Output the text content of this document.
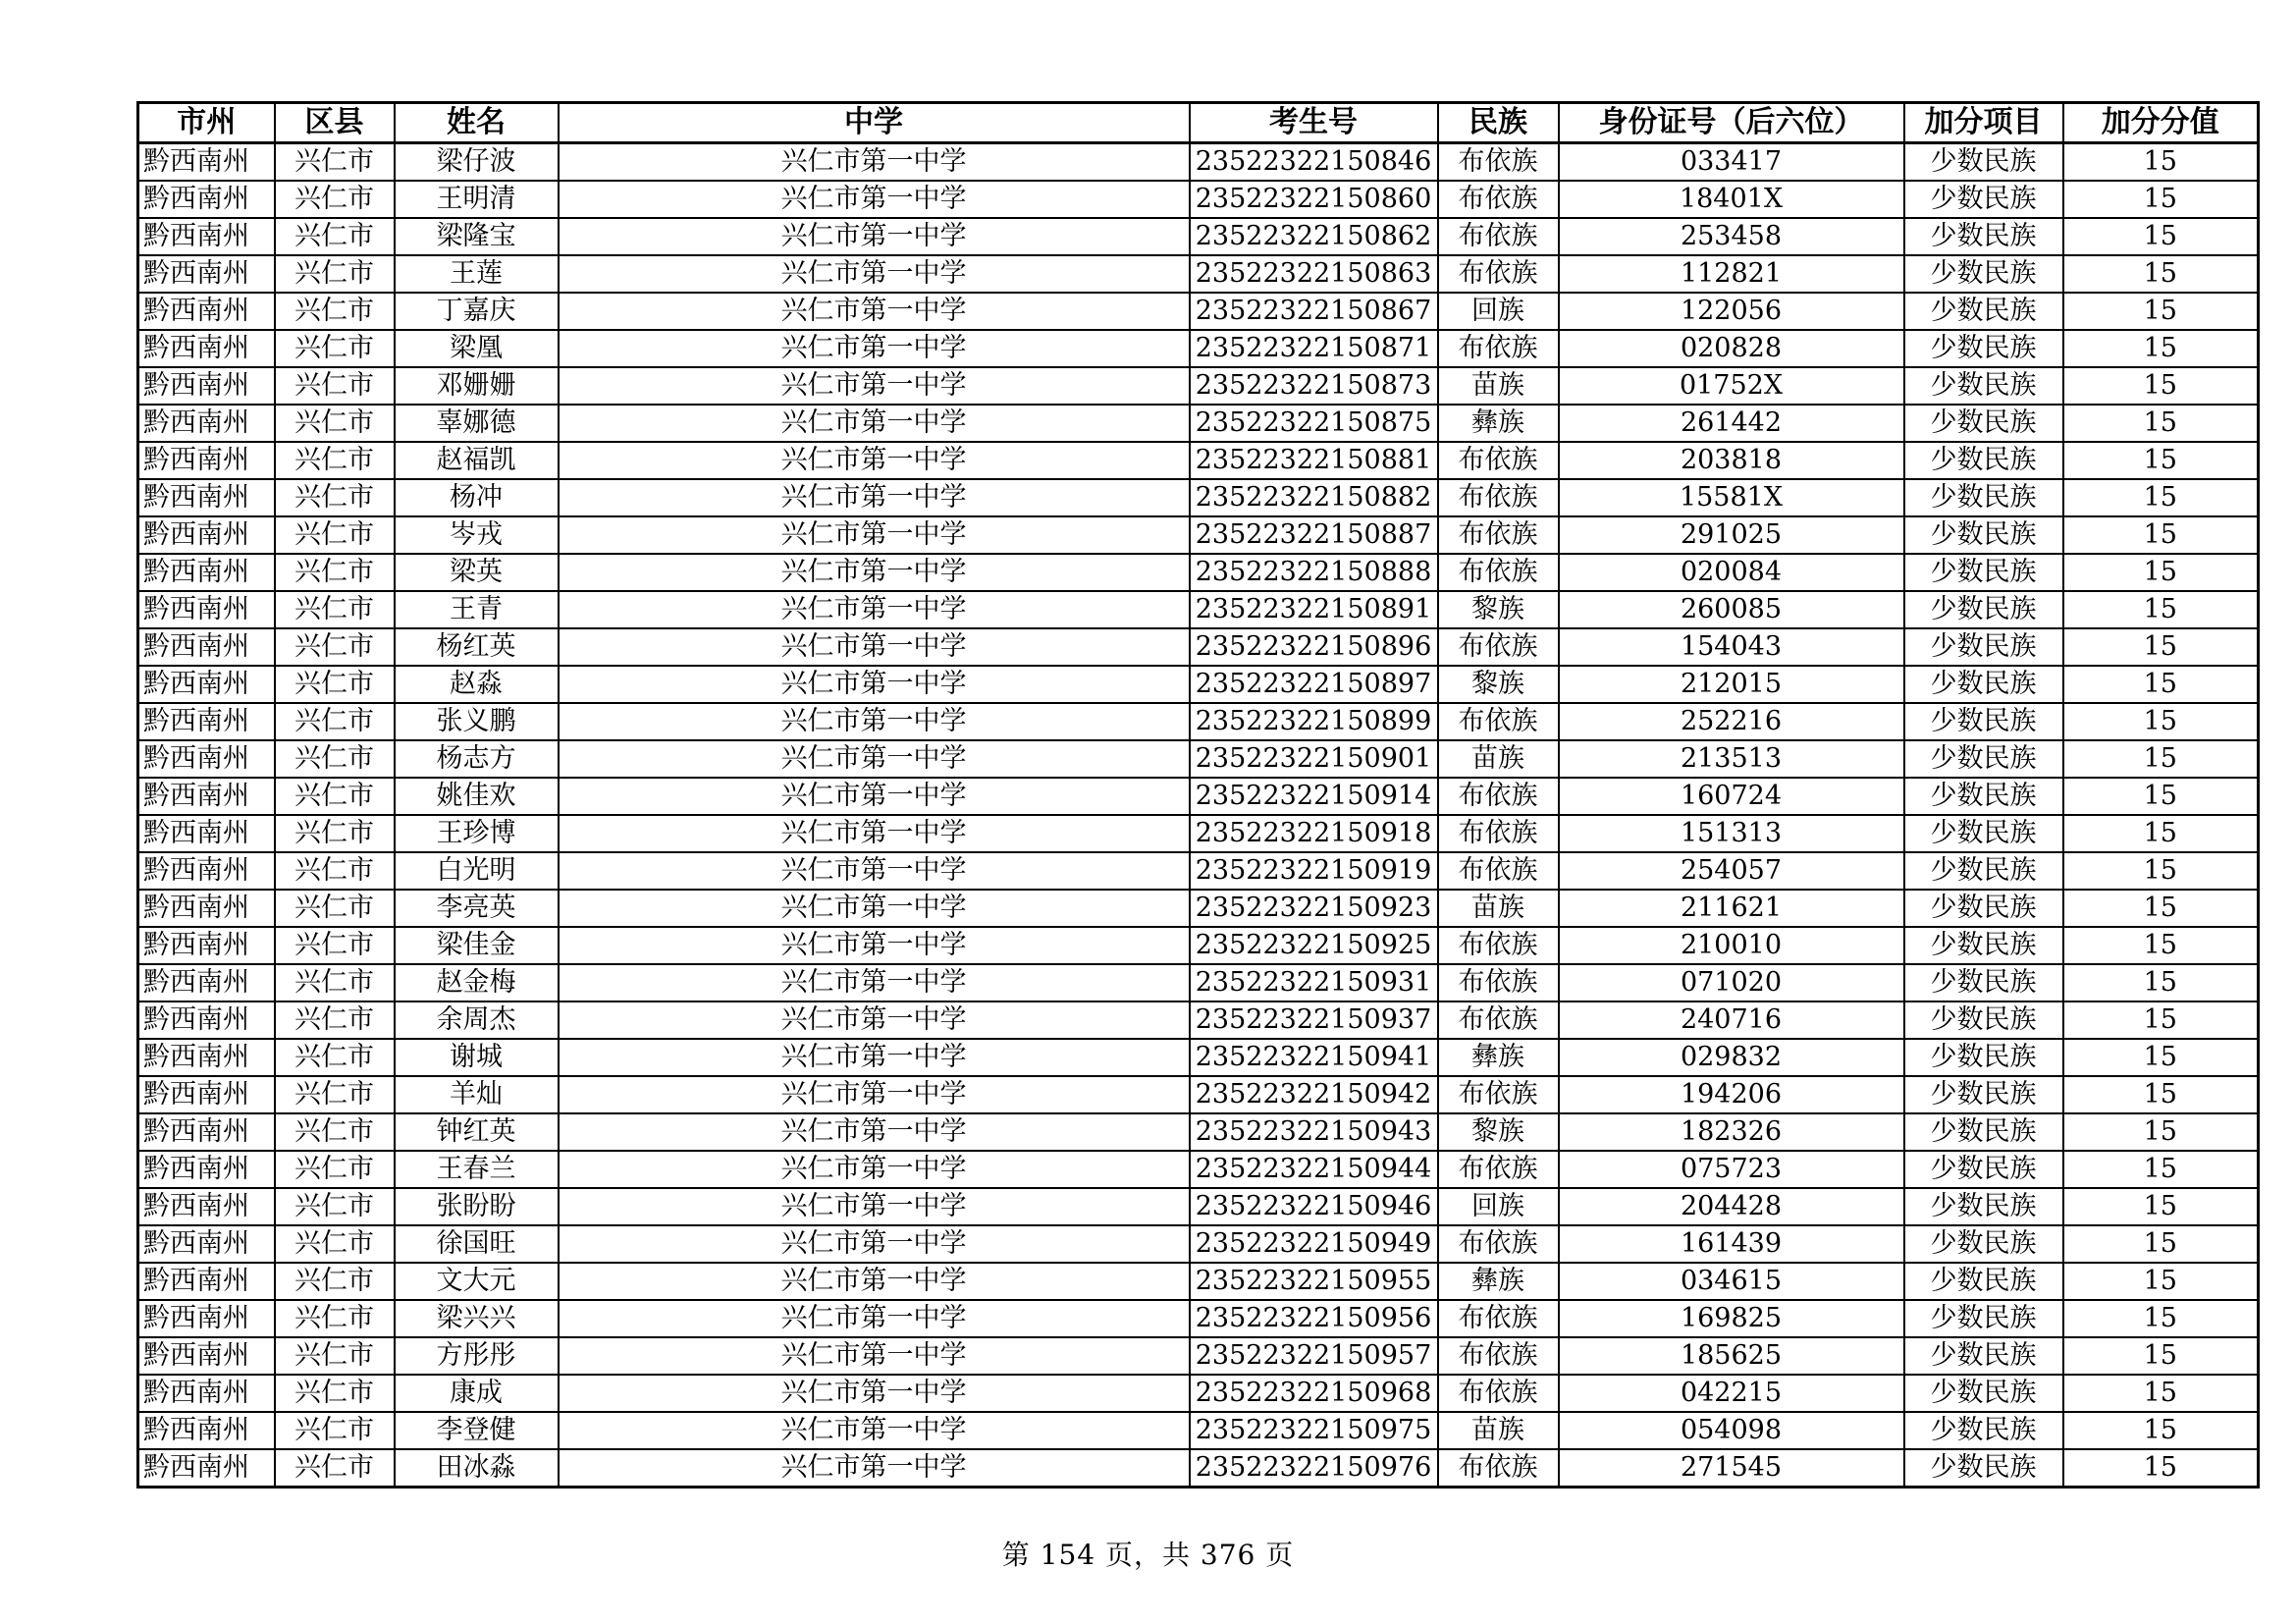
市州	区县	姓名	中学	考生号	民族	身份证号（后六位）	加分项目	加分分值
黔西南州	兴仁市	梁仔波	兴仁市第一中学	23522322150846	布依族	033417	少数民族	15
黔西南州	兴仁市	王明清	兴仁市第一中学	23522322150860	布依族	18401X	少数民族	15
黔西南州	兴仁市	梁隆宝	兴仁市第一中学	23522322150862	布依族	253458	少数民族	15
黔西南州	兴仁市	王莲	兴仁市第一中学	23522322150863	布依族	112821	少数民族	15
黔西南州	兴仁市	丁嘉庆	兴仁市第一中学	23522322150867	回族	122056	少数民族	15
黔西南州	兴仁市	梁凰	兴仁市第一中学	23522322150871	布依族	020828	少数民族	15
黔西南州	兴仁市	邓姗姗	兴仁市第一中学	23522322150873	苗族	01752X	少数民族	15
黔西南州	兴仁市	辜娜德	兴仁市第一中学	23522322150875	彝族	261442	少数民族	15
黔西南州	兴仁市	赵福凯	兴仁市第一中学	23522322150881	布依族	203818	少数民族	15
黔西南州	兴仁市	杨冲	兴仁市第一中学	23522322150882	布依族	15581X	少数民族	15
黔西南州	兴仁市	岑戎	兴仁市第一中学	23522322150887	布依族	291025	少数民族	15
黔西南州	兴仁市	梁英	兴仁市第一中学	23522322150888	布依族	020084	少数民族	15
黔西南州	兴仁市	王青	兴仁市第一中学	23522322150891	黎族	260085	少数民族	15
黔西南州	兴仁市	杨红英	兴仁市第一中学	23522322150896	布依族	154043	少数民族	15
黔西南州	兴仁市	赵淼	兴仁市第一中学	23522322150897	黎族	212015	少数民族	15
黔西南州	兴仁市	张义鹏	兴仁市第一中学	23522322150899	布依族	252216	少数民族	15
黔西南州	兴仁市	杨志方	兴仁市第一中学	23522322150901	苗族	213513	少数民族	15
黔西南州	兴仁市	姚佳欢	兴仁市第一中学	23522322150914	布依族	160724	少数民族	15
黔西南州	兴仁市	王珍博	兴仁市第一中学	23522322150918	布依族	151313	少数民族	15
黔西南州	兴仁市	白光明	兴仁市第一中学	23522322150919	布依族	254057	少数民族	15
黔西南州	兴仁市	李亮英	兴仁市第一中学	23522322150923	苗族	211621	少数民族	15
黔西南州	兴仁市	梁佳金	兴仁市第一中学	23522322150925	布依族	210010	少数民族	15
黔西南州	兴仁市	赵金梅	兴仁市第一中学	23522322150931	布依族	071020	少数民族	15
黔西南州	兴仁市	余周杰	兴仁市第一中学	23522322150937	布依族	240716	少数民族	15
黔西南州	兴仁市	谢城	兴仁市第一中学	23522322150941	彝族	029832	少数民族	15
黔西南州	兴仁市	羊灿	兴仁市第一中学	23522322150942	布依族	194206	少数民族	15
黔西南州	兴仁市	钟红英	兴仁市第一中学	23522322150943	黎族	182326	少数民族	15
黔西南州	兴仁市	王春兰	兴仁市第一中学	23522322150944	布依族	075723	少数民族	15
黔西南州	兴仁市	张盼盼	兴仁市第一中学	23522322150946	回族	204428	少数民族	15
黔西南州	兴仁市	徐国旺	兴仁市第一中学	23522322150949	布依族	161439	少数民族	15
黔西南州	兴仁市	文大元	兴仁市第一中学	23522322150955	彝族	034615	少数民族	15
黔西南州	兴仁市	梁兴兴	兴仁市第一中学	23522322150956	布依族	169825	少数民族	15
黔西南州	兴仁市	方彤彤	兴仁市第一中学	23522322150957	布依族	185625	少数民族	15
黔西南州	兴仁市	康成	兴仁市第一中学	23522322150968	布依族	042215	少数民族	15
黔西南州	兴仁市	李登健	兴仁市第一中学	23522322150975	苗族	054098	少数民族	15
黔西南州	兴仁市	田冰淼	兴仁市第一中学	23522322150976	布依族	271545	少数民族	15
第 154 页，共 376 页
